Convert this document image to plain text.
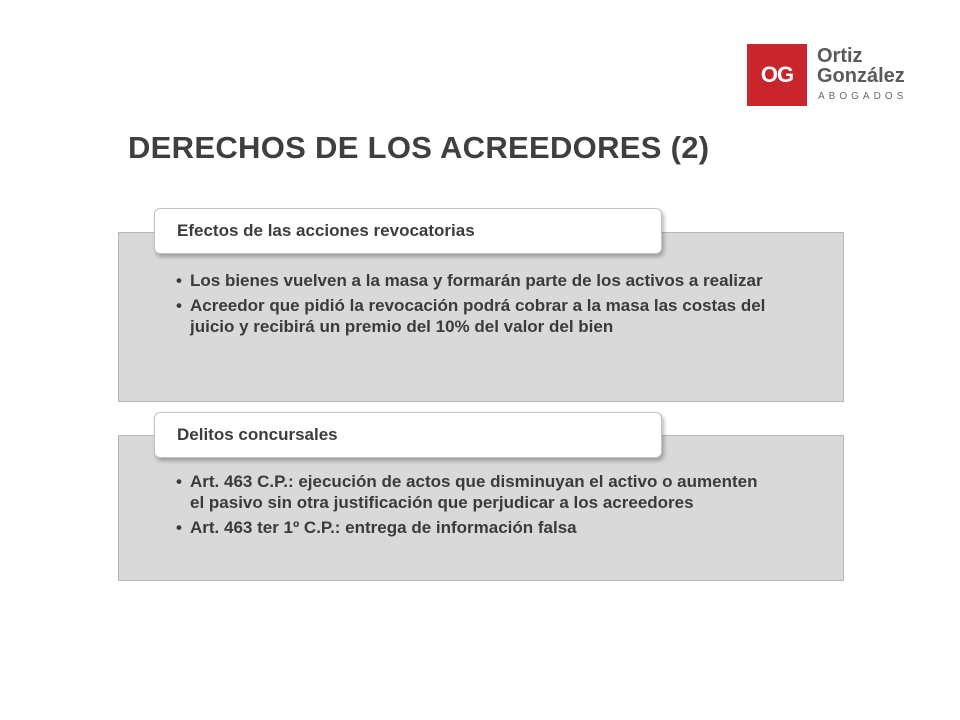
OG
Ortiz
González
ABOGADOS
DERECHOS DE LOS ACREEDORES (2)
Efectos de las acciones revocatorias
• Los bienes vuelven a la masa y formarán parte de los activos a realizar
• Acreedor que pidió la revocación podrá cobrar a la masa las costas del juicio y recibirá un premio del 10% del valor del bien
Delitos concursales
• Art. 463 C.P.: ejecución de actos que disminuyan el activo o aumenten el pasivo sin otra justificación que perjudicar a los acreedores
• Art. 463 ter 1º C.P.: entrega de información falsa
